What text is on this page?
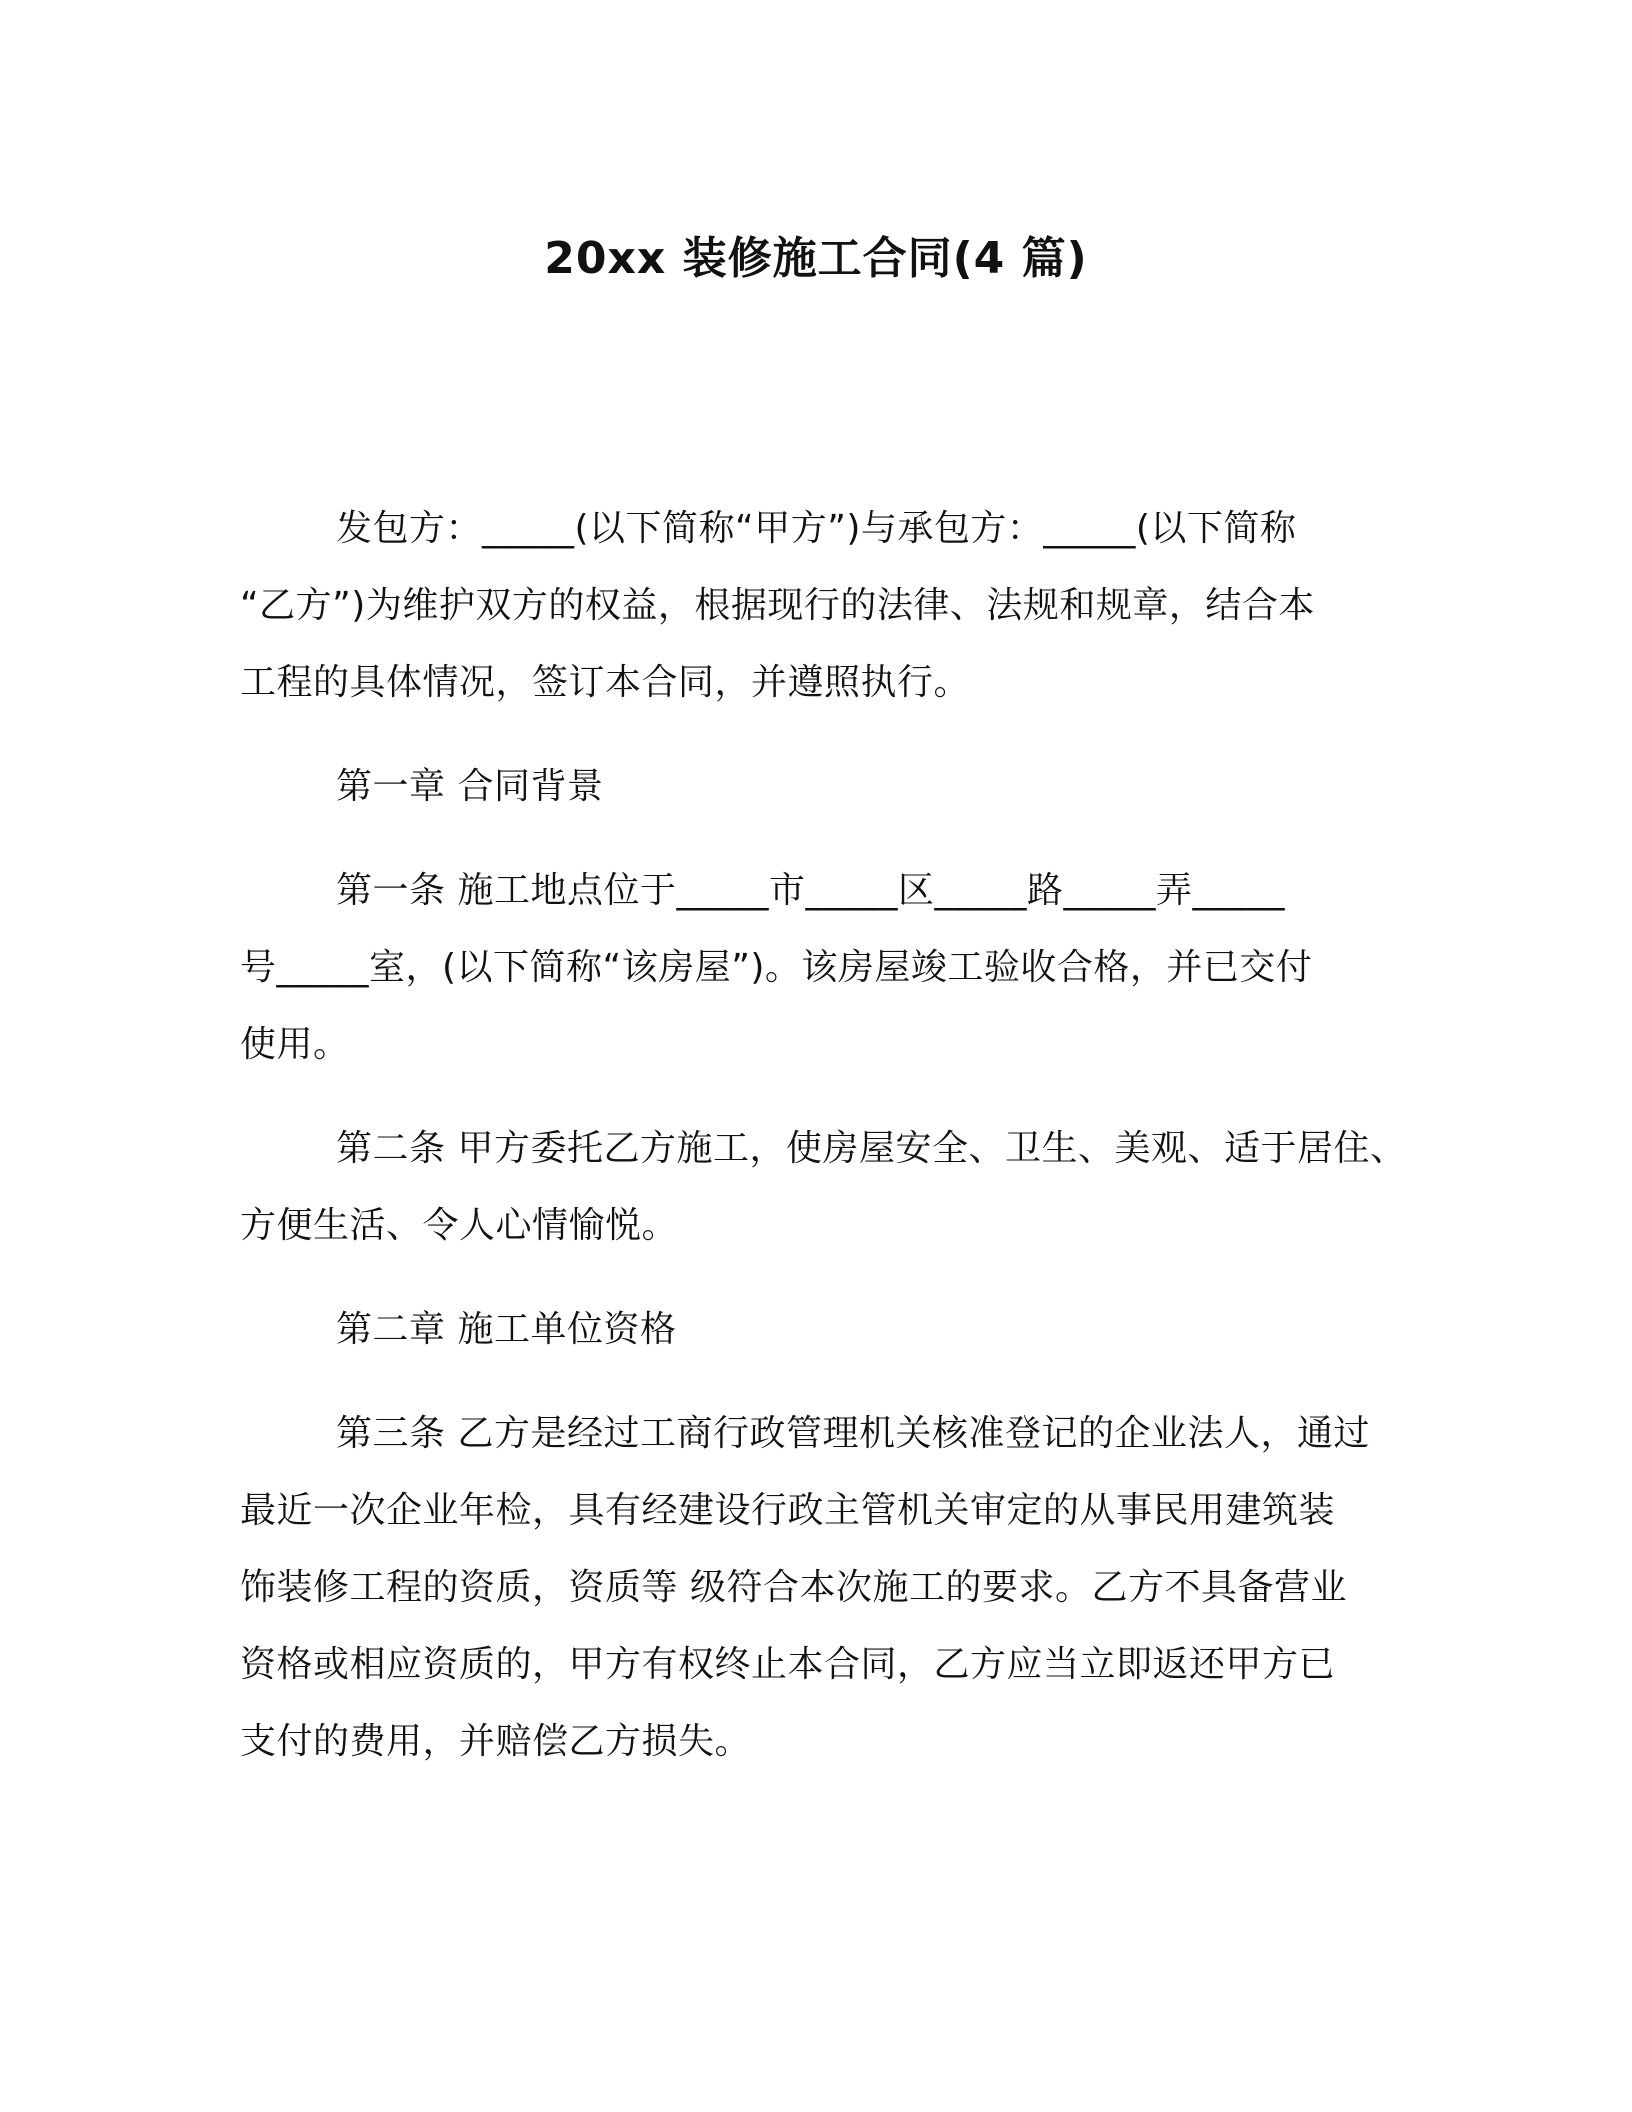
20xx 装修施工合同(4 篇)

发包方：_____(以下简称“甲方”)与承包方：_____(以下简称
“乙方”)为维护双方的权益，根据现行的法律、法规和规章，结合本
工程的具体情况，签订本合同，并遵照执行。

第一章 合同背景

第一条 施工地点位于_____市_____区_____路_____弄_____
号_____室，(以下简称“该房屋”)。该房屋竣工验收合格，并已交付
使用。

第二条 甲方委托乙方施工，使房屋安全、卫生、美观、适于居住、
方便生活、令人心情愉悦。

第二章 施工单位资格

第三条 乙方是经过工商行政管理机关核准登记的企业法人，通过
最近一次企业年检，具有经建设行政主管机关审定的从事民用建筑装
饰装修工程的资质，资质等 级符合本次施工的要求。乙方不具备营业
资格或相应资质的，甲方有权终止本合同，乙方应当立即返还甲方已
支付的费用，并赔偿乙方损失。
